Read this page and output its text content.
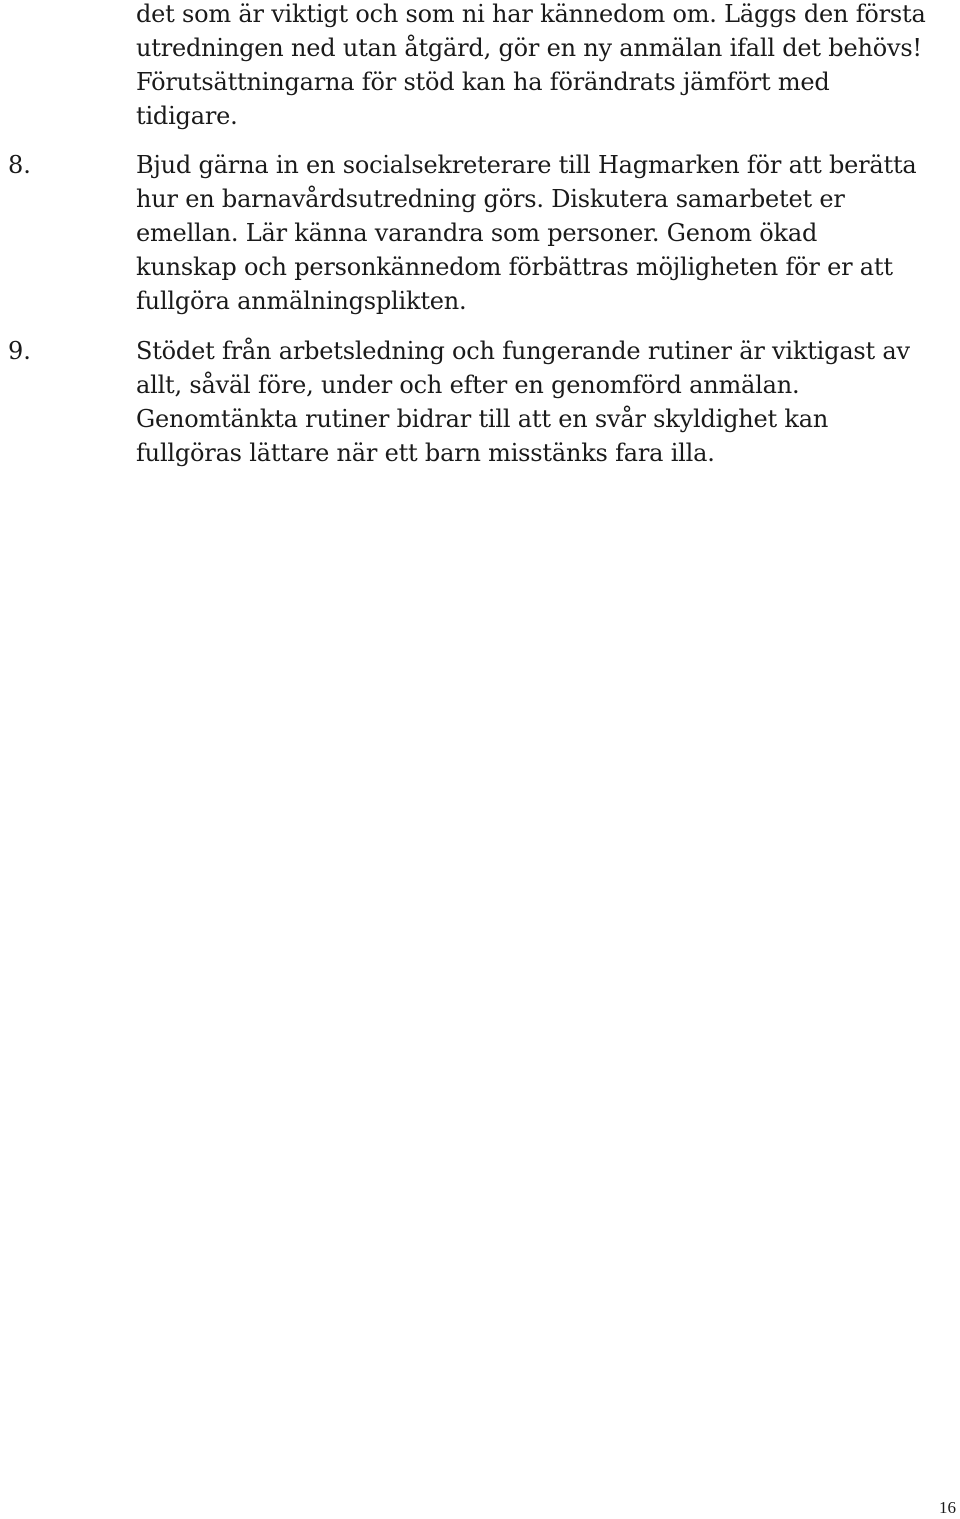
det som är viktigt och som ni har kännedom om. Läggs den första
utredningen ned utan åtgärd, gör en ny anmälan ifall det behövs!
Förutsättningarna för stöd kan ha förändrats jämfört med
tidigare.
8.	Bjud gärna in en socialsekreterare till Hagmarken för att berätta
hur en barnavårdsutredning görs. Diskutera samarbetet er
emellan. Lär känna varandra som personer. Genom ökad
kunskap och personkännedom förbättras möjligheten för er att
fullgöra anmälningsplikten.
9.	Stödet från arbetsledning och fungerande rutiner är viktigast av
allt, såväl före, under och efter en genomförd anmälan.
Genomtänkta rutiner bidrar till att en svår skyldighet kan
fullgöras lättare när ett barn misstänks fara illa.
16
